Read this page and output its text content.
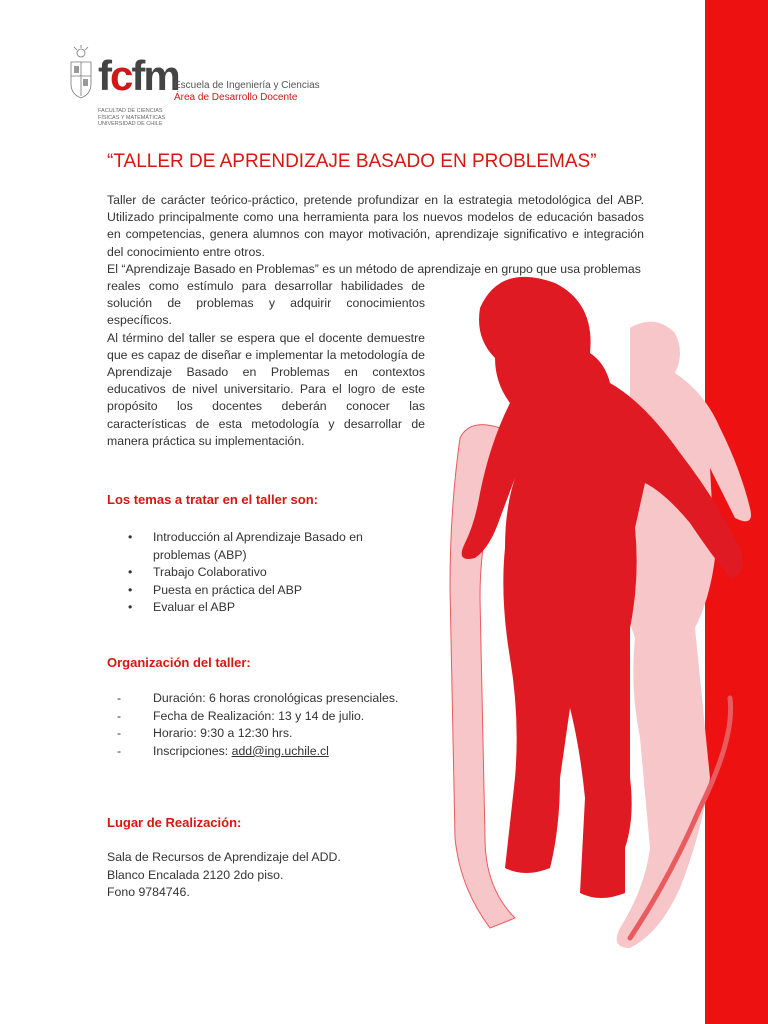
fcfm
Escuela de Ingeniería y Ciencias
Área de Desarrollo Docente
FACULTAD DE CIENCIAS
FÍSICAS Y MATEMÁTICAS
UNIVERSIDAD DE CHILE
“TALLER DE APRENDIZAJE BASADO EN PROBLEMAS”

Taller de carácter teórico-práctico, pretende profundizar en la estrategia metodológica del ABP. Utilizado principalmente como una herramienta para los nuevos modelos de educación basados en competencias, genera alumnos con mayor motivación, aprendizaje significativo e integración del conocimiento entre otros.

El “Aprendizaje Basado en Problemas” es un método de aprendizaje en grupo que usa problemas

reales como estímulo para desarrollar habilidades de solución de problemas y adquirir conocimientos específicos.

Al término del taller se espera que el docente demuestre que es capaz de diseñar e implementar la metodología de Aprendizaje Basado en Problemas en contextos educativos de nivel universitario. Para el logro de este propósito los docentes deberán conocer las características de esta metodología y desarrollar de manera práctica su implementación.

Los temas a tratar en el taller son:
• Introducción al Aprendizaje Basado en problemas (ABP)
• Trabajo Colaborativo
• Puesta en práctica del ABP
• Evaluar el ABP
Organización del taller:
- Duración: 6 horas cronológicas presenciales.
- Fecha de Realización: 13 y 14 de julio.
- Horario: 9:30 a 12:30 hrs.
- Inscripciones: add@ing.uchile.cl
Lugar de Realización:
Sala de Recursos de Aprendizaje del ADD.
Blanco Encalada 2120 2do piso.
Fono 9784746.
